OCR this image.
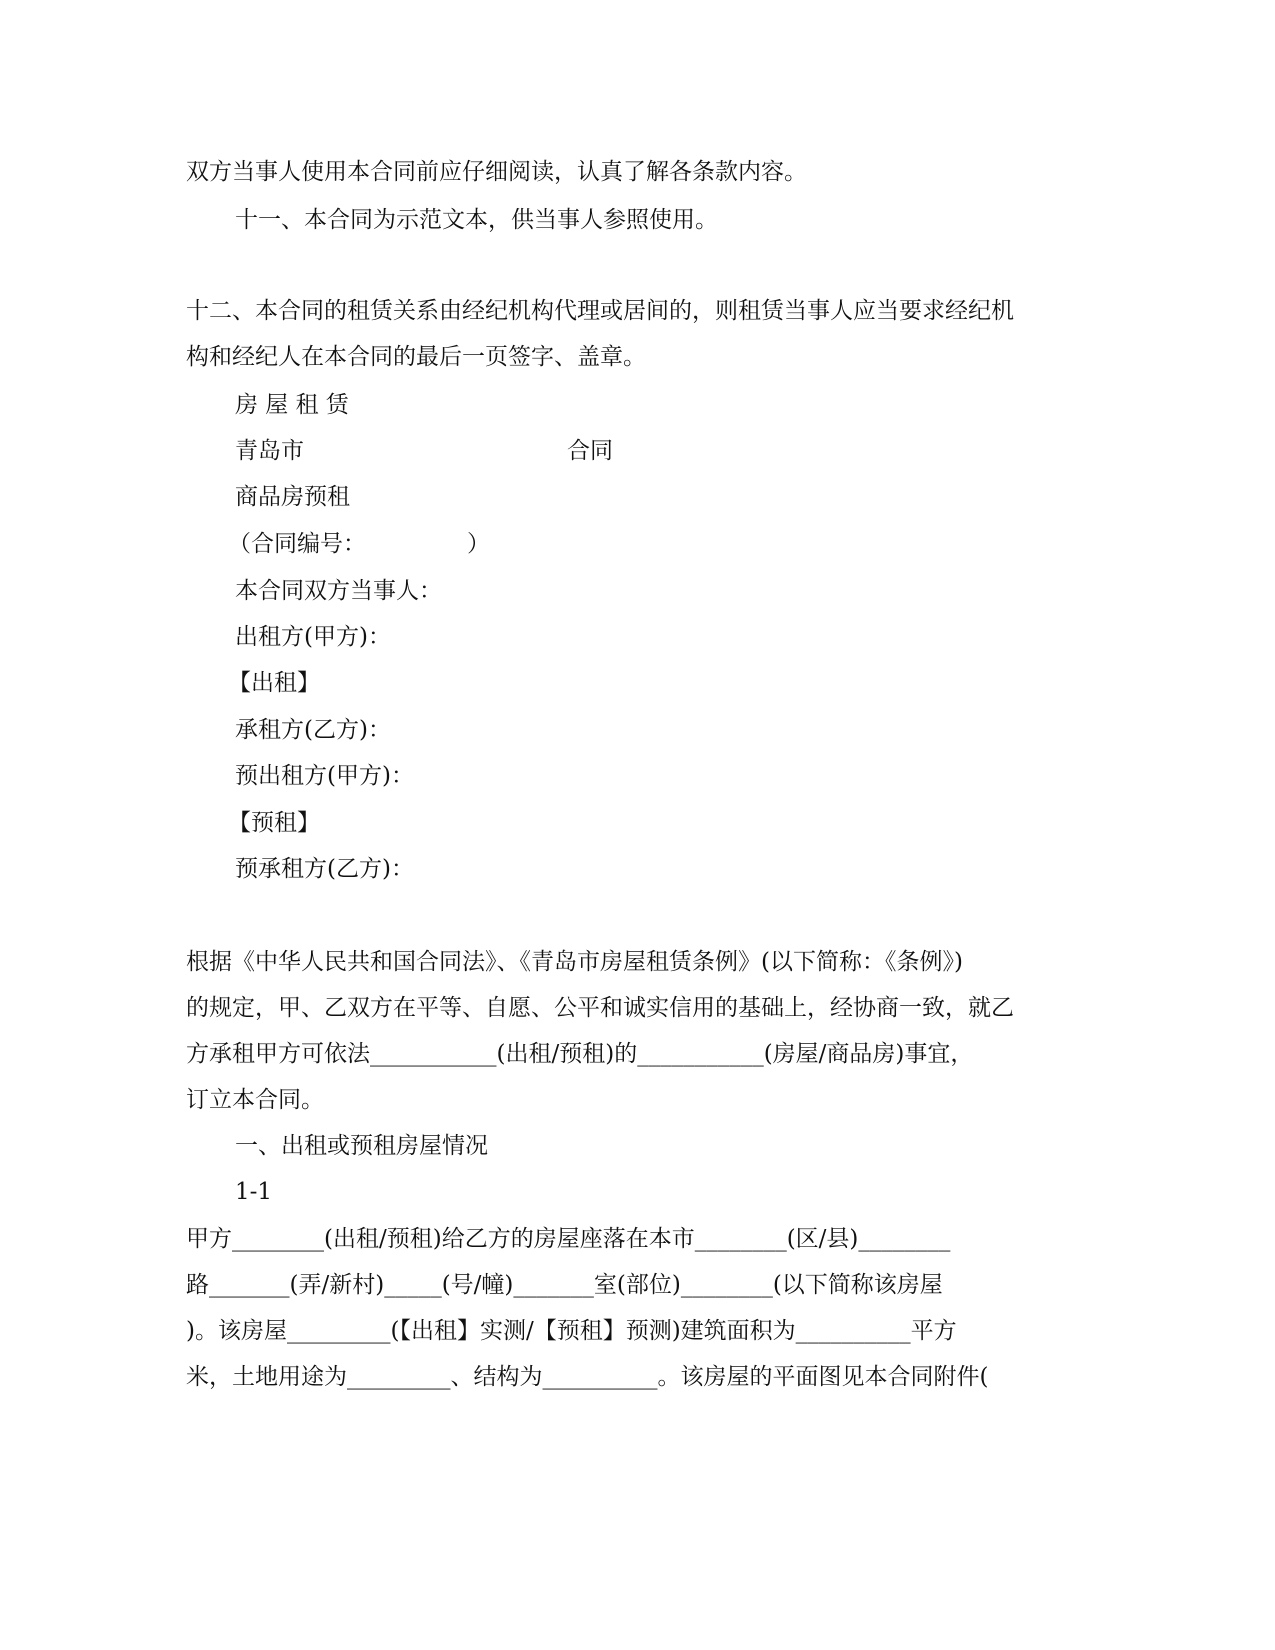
双方当事人使用本合同前应仔细阅读，认真了解各条款内容。
十一、本合同为示范文本，供当事人参照使用。
十二、本合同的租赁关系由经纪机构代理或居间的，则租赁当事人应当要求经纪机
构和经纪人在本合同的最后一页签字、盖章。
房 屋 租 赁
青岛市	合同
商品房预租
（合同编号：	）
本合同双方当事人：
出租方(甲方)：
【出租】
承租方(乙方)：
预出租方(甲方)：
【预租】
预承租方(乙方)：
根据《中华人民共和国合同法》、《青岛市房屋租赁条例》(以下简称：《条例》)
的规定，甲、乙双方在平等、自愿、公平和诚实信用的基础上，经协商一致，就乙
方承租甲方可依法___________(出租/预租)的___________(房屋/商品房)事宜，
订立本合同。
一、出租或预租房屋情况
1-1
甲方________(出租/预租)给乙方的房屋座落在本市________(区/县)________
路_______(弄/新村)_____(号/幢)_______室(部位)________(以下简称该房屋
)。该房屋_________(【出租】实测/【预租】预测)建筑面积为__________平方
米，土地用途为_________、结构为__________。该房屋的平面图见本合同附件(
